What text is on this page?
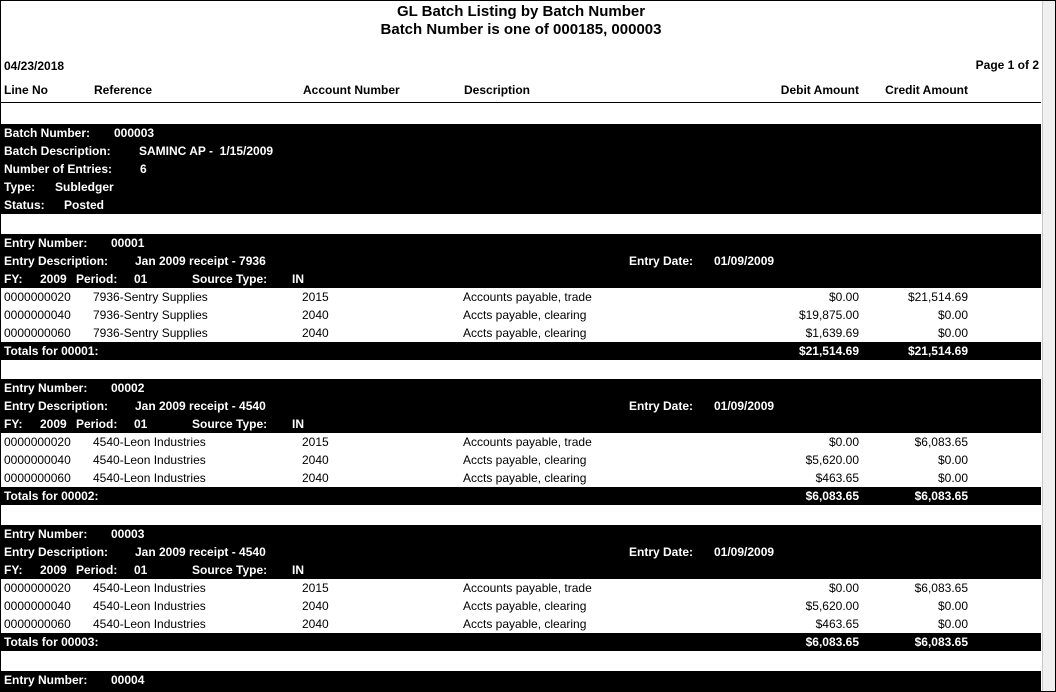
GL Batch Listing by Batch Number
Batch Number is one of 000185, 000003
04/23/2018	Page 1 of 2
Line No	Reference	Account Number	Description	Debit Amount Credit Amount
Batch Number: 000003
Batch Description: SAMINC AP -  1/15/2009
Number of Entries: 6
Type: Subledger
Status: Posted
Entry Number: 00001
Entry Description: Jan 2009 receipt - 7936	Entry Date: 01/09/2009
FY: 2009 Period: 01	Source Type: IN
0000000020 7936-Sentry Supplies	2015	Accounts payable, trade	$0.00	$21,514.69
0000000040 7936-Sentry Supplies	2040	Accts payable, clearing	$19,875.00	$0.00
0000000060 7936-Sentry Supplies	2040	Accts payable, clearing	$1,639.69	$0.00
Totals for 00001:	$21,514.69	$21,514.69
Entry Number: 00002
Entry Description: Jan 2009 receipt - 4540	Entry Date: 01/09/2009
FY: 2009 Period: 01	Source Type: IN
0000000020 4540-Leon Industries	2015	Accounts payable, trade	$0.00	$6,083.65
0000000040 4540-Leon Industries	2040	Accts payable, clearing	$5,620.00	$0.00
0000000060 4540-Leon Industries	2040	Accts payable, clearing	$463.65	$0.00
Totals for 00002:	$6,083.65	$6,083.65
Entry Number: 00003
Entry Description: Jan 2009 receipt - 4540	Entry Date: 01/09/2009
FY: 2009 Period: 01	Source Type: IN
0000000020 4540-Leon Industries	2015	Accounts payable, trade	$0.00	$6,083.65
0000000040 4540-Leon Industries	2040	Accts payable, clearing	$5,620.00	$0.00
0000000060 4540-Leon Industries	2040	Accts payable, clearing	$463.65	$0.00
Totals for 00003:	$6,083.65	$6,083.65
Entry Number: 00004
